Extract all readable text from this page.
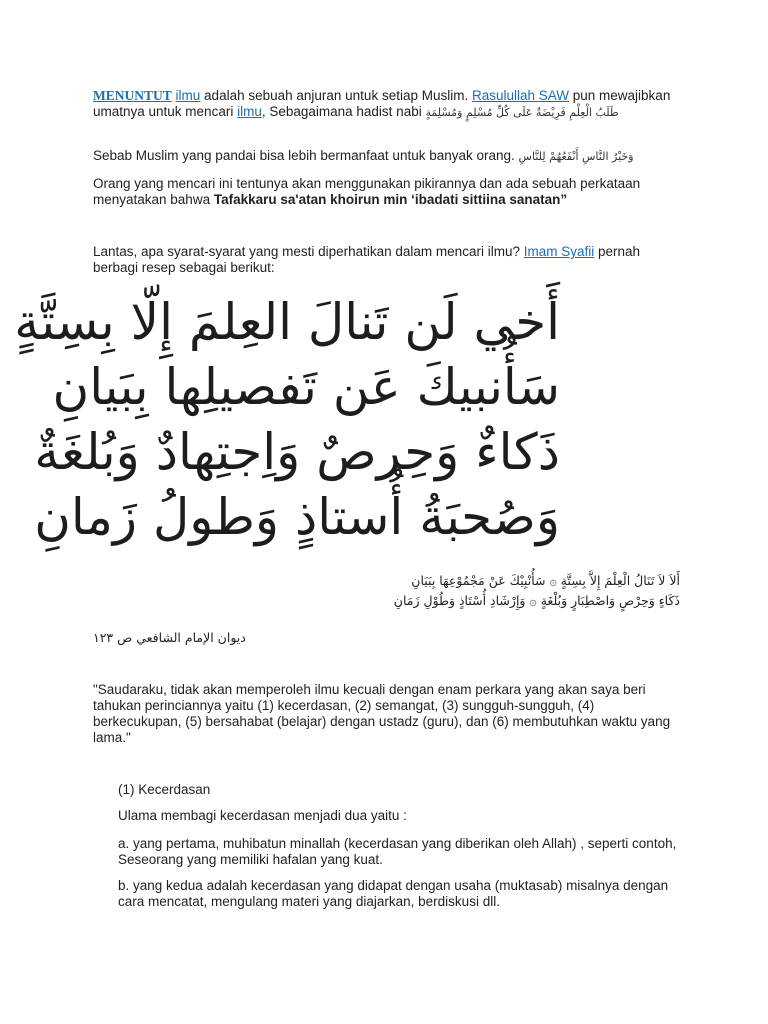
MENUNTUT ilmu adalah sebuah anjuran untuk setiap Muslim. Rasulullah SAW pun mewajibkan umatnya untuk mencari ilmu, Sebagaimana hadist nabi طَلَبُ الْعِلْمِ فَرِيْضَةٌ عَلَى كُلِّ مُسْلِمٍ وَمُسْلِمَةٍ

Sebab Muslim yang pandai bisa lebih bermanfaat untuk banyak orang. وَخَيْرُ النَّاسِ أَنْفَعُهُمْ لِلنَّاسِ

Orang yang mencari ini tentunya akan menggunakan pikirannya dan ada sebuah perkataan menyatakan bahwa Tafakkaru sa'atan khoirun min ‘ibadati sittiina sanatan”

Lantas, apa syarat-syarat yang mesti diperhatikan dalam mencari ilmu? Imam Syafii pernah berbagi resep sebagai berikut:

أَخي لَن تَنالَ العِلمَ إِلّا بِسِتَّةٍ
سَأُنبيكَ عَن تَفصيلِها بِبَيانِ
ذَكاءٌ وَحِرصٌ وَاِجتِهادٌ وَبُلغَةٌ
وَصُحبَةُ أُستاذٍ وَطولُ زَمانِ
أَلاَ لاَ تَنَالُ الْعِلْمَ إِلاَّ بِسِتَّةٍ ۞ سَأُنْبِيْكَ عَنْ مَجْمُوْعِهَا بِبَيَانِ
ذَكَاءٍ وَحِرْصٍ وَاصْطِبَارٍ وَبُلْغَةٍ ۞ وَإِرْشَادِ أُسْتَاذٍ وَطُوْلِ زَمَانِ
ديوان الإمام الشافعي ص ١٢٣

"Saudaraku, tidak akan memperoleh ilmu kecuali dengan enam perkara yang akan saya beri tahukan perinciannya yaitu (1) kecerdasan, (2) semangat, (3) sungguh-sungguh, (4) berkecukupan, (5) bersahabat (belajar) dengan ustadz (guru), dan (6) membutuhkan waktu yang lama."

(1) Kecerdasan

Ulama membagi kecerdasan menjadi dua yaitu :

a. yang pertama, muhibatun minallah (kecerdasan yang diberikan oleh Allah) , seperti contoh, Seseorang yang memiliki hafalan yang kuat.

b. yang kedua adalah kecerdasan yang didapat dengan usaha (muktasab) misalnya dengan cara mencatat, mengulang materi yang diajarkan, berdiskusi dll.
